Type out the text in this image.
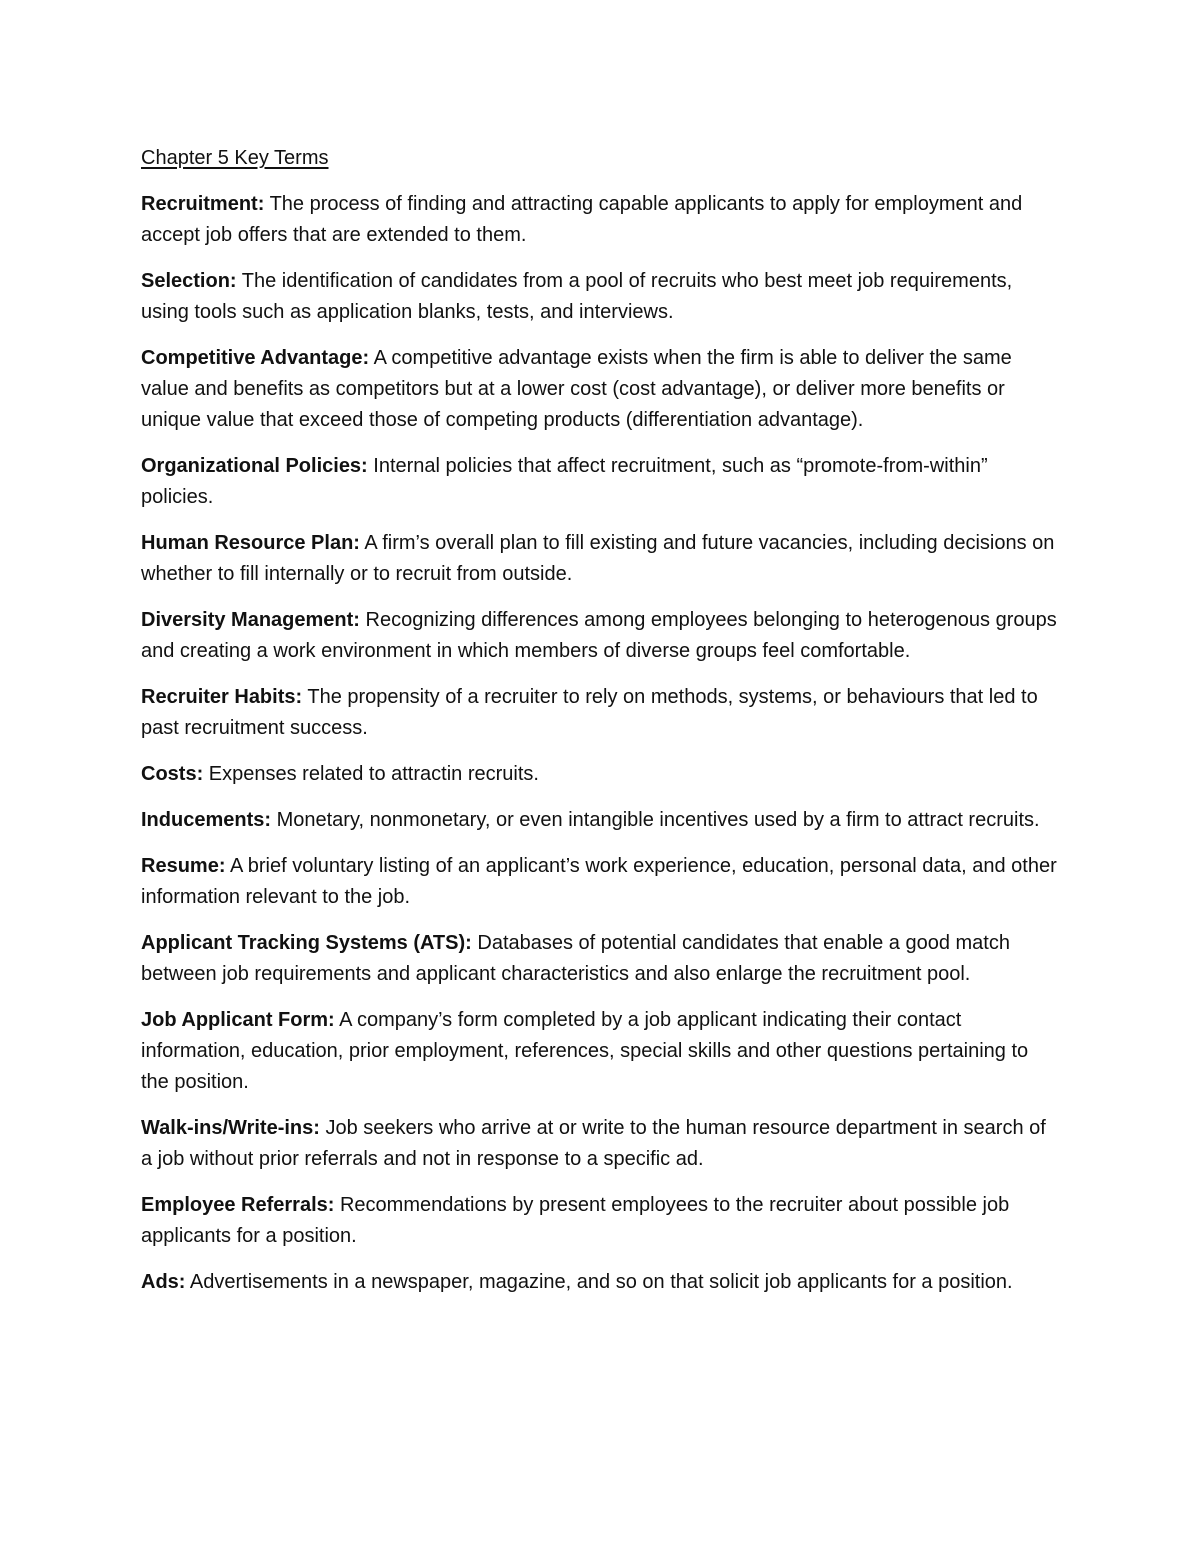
Chapter 5 Key Terms

Recruitment: The process of finding and attracting capable applicants to apply for employment and accept job offers that are extended to them.

Selection: The identification of candidates from a pool of recruits who best meet job requirements, using tools such as application blanks, tests, and interviews.

Competitive Advantage: A competitive advantage exists when the firm is able to deliver the same value and benefits as competitors but at a lower cost (cost advantage), or deliver more benefits or unique value that exceed those of competing products (differentiation advantage).

Organizational Policies: Internal policies that affect recruitment, such as “promote-from-within” policies.

Human Resource Plan: A firm’s overall plan to fill existing and future vacancies, including decisions on whether to fill internally or to recruit from outside.

Diversity Management: Recognizing differences among employees belonging to heterogenous groups and creating a work environment in which members of diverse groups feel comfortable.

Recruiter Habits: The propensity of a recruiter to rely on methods, systems, or behaviours that led to past recruitment success.

Costs: Expenses related to attractin recruits.

Inducements: Monetary, nonmonetary, or even intangible incentives used by a firm to attract recruits.

Resume: A brief voluntary listing of an applicant’s work experience, education, personal data, and other information relevant to the job.

Applicant Tracking Systems (ATS): Databases of potential candidates that enable a good match between job requirements and applicant characteristics and also enlarge the recruitment pool.

Job Applicant Form: A company’s form completed by a job applicant indicating their contact information, education, prior employment, references, special skills and other questions pertaining to the position.

Walk-ins/Write-ins: Job seekers who arrive at or write to the human resource department in search of a job without prior referrals and not in response to a specific ad.

Employee Referrals: Recommendations by present employees to the recruiter about possible job applicants for a position.

Ads: Advertisements in a newspaper, magazine, and so on that solicit job applicants for a position.
